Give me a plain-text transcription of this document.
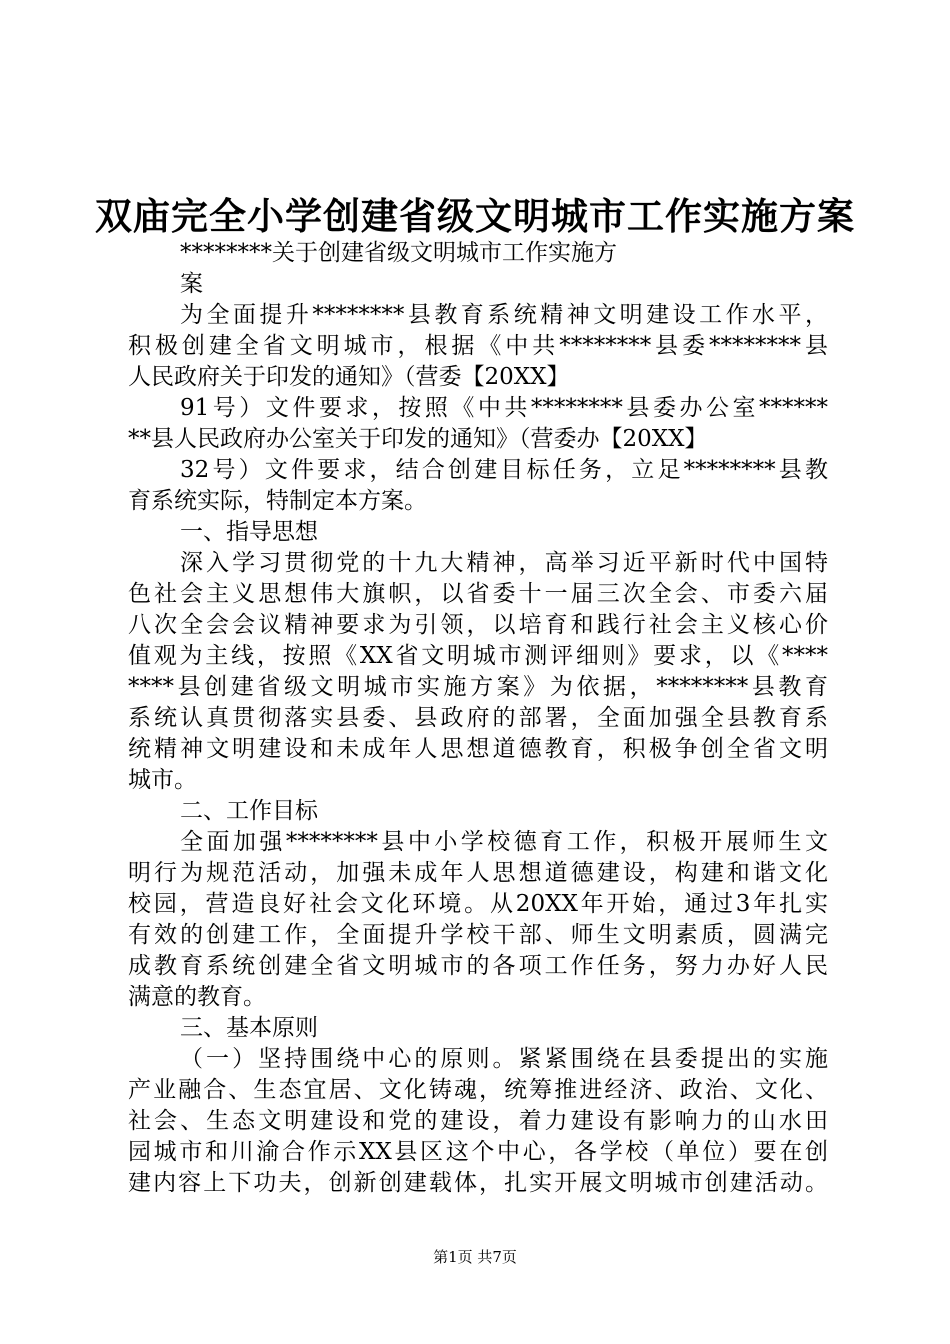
双庙完全小学创建省级文明城市工作实施方案
********关于创建省级文明城市工作实施方
案
为全面提升********县教育系统精神文明建设工作水平，
积极创建全省文明城市，根据《中共********县委********县
人民政府关于印发的通知》（营委【20XX】
91号）文件要求，按照《中共********县委办公室******
**县人民政府办公室关于印发的通知》（营委办【20XX】
32号）文件要求，结合创建目标任务，立足********县教
育系统实际，特制定本方案。
一、指导思想
深入学习贯彻党的十九大精神，高举习近平新时代中国特
色社会主义思想伟大旗帜，以省委十一届三次全会、市委六届
八次全会会议精神要求为引领，以培育和践行社会主义核心价
值观为主线，按照《XX省文明城市测评细则》要求，以《****
****县创建省级文明城市实施方案》为依据，********县教育
系统认真贯彻落实县委、县政府的部署，全面加强全县教育系
统精神文明建设和未成年人思想道德教育，积极争创全省文明
城市。
二、工作目标
全面加强********县中小学校德育工作，积极开展师生文
明行为规范活动，加强未成年人思想道德建设，构建和谐文化
校园，营造良好社会文化环境。从20XX年开始，通过3年扎实
有效的创建工作，全面提升学校干部、师生文明素质，圆满完
成教育系统创建全省文明城市的各项工作任务，努力办好人民
满意的教育。
三、基本原则
（一）坚持围绕中心的原则。紧紧围绕在县委提出的实施
产业融合、生态宜居、文化铸魂，统筹推进经济、政治、文化、
社会、生态文明建设和党的建设，着力建设有影响力的山水田
园城市和川渝合作示XX县区这个中心，各学校（单位）要在创
建内容上下功夫，创新创建载体，扎实开展文明城市创建活动。
第1页 共7页
